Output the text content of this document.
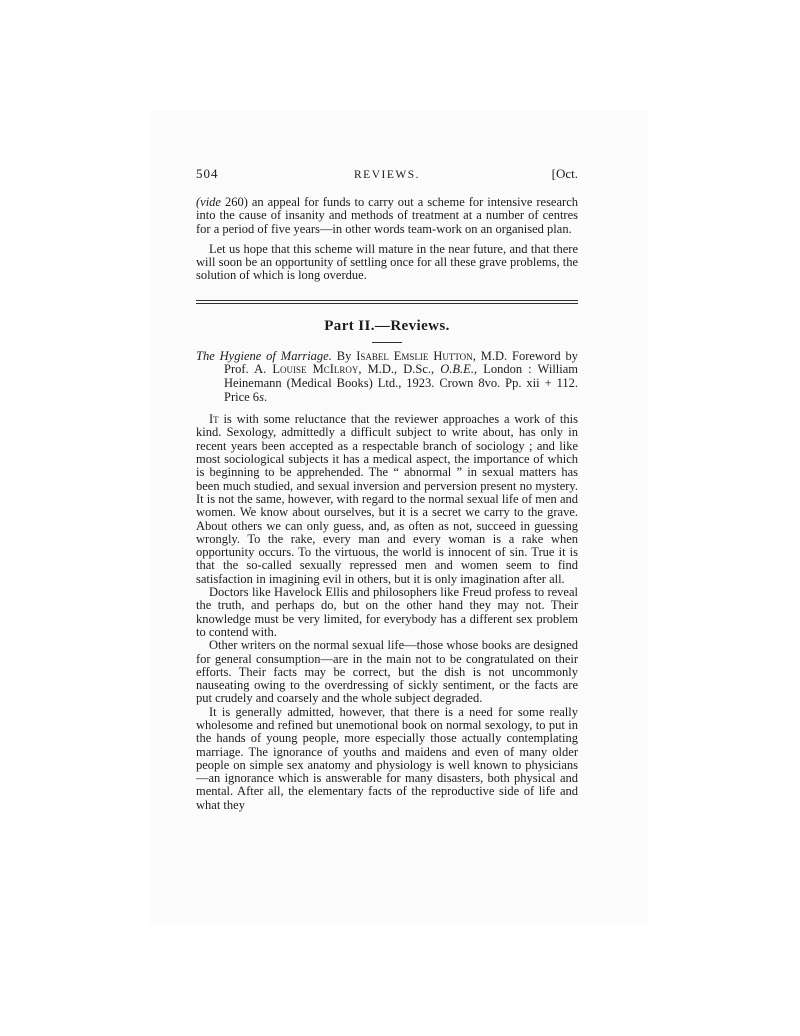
504	REVIEWS.	[Oct.

(vide 260) an appeal for funds to carry out a scheme for intensive research into the cause of insanity and methods of treatment at a number of centres for a period of five years—in other words team-work on an organised plan.

Let us hope that this scheme will mature in the near future, and that there will soon be an opportunity of settling once for all these grave problems, the solution of which is long overdue.

Part II.—Reviews.

The Hygiene of Marriage. By Isabel Emslie Hutton, M.D. Foreword by Prof. A. Louise McIlroy, M.D., D.Sc., O.B.E., London : William Heinemann (Medical Books) Ltd., 1923. Crown 8vo. Pp. xii + 112. Price 6s.

It is with some reluctance that the reviewer approaches a work of this kind. Sexology, admittedly a difficult subject to write about, has only in recent years been accepted as a respectable branch of sociology ; and like most sociological subjects it has a medical aspect, the importance of which is beginning to be apprehended. The “ abnormal ” in sexual matters has been much studied, and sexual inversion and perversion present no mystery. It is not the same, however, with regard to the normal sexual life of men and women. We know about ourselves, but it is a secret we carry to the grave. About others we can only guess, and, as often as not, succeed in guessing wrongly. To the rake, every man and every woman is a rake when opportunity occurs. To the virtuous, the world is innocent of sin. True it is that the so-called sexually repressed men and women seem to find satisfaction in imagining evil in others, but it is only imagination after all.

Doctors like Havelock Ellis and philosophers like Freud profess to reveal the truth, and perhaps do, but on the other hand they may not. Their knowledge must be very limited, for everybody has a different sex problem to contend with.

Other writers on the normal sexual life—those whose books are designed for general consumption—are in the main not to be congratulated on their efforts. Their facts may be correct, but the dish is not uncommonly nauseating owing to the overdressing of sickly sentiment, or the facts are put crudely and coarsely and the whole subject degraded.

It is generally admitted, however, that there is a need for some really wholesome and refined but unemotional book on normal sexology, to put in the hands of young people, more especially those actually contemplating marriage. The ignorance of youths and maidens and even of many older people on simple sex anatomy and physiology is well known to physicians—an ignorance which is answerable for many disasters, both physical and mental. After all, the elementary facts of the reproductive side of life and what they
